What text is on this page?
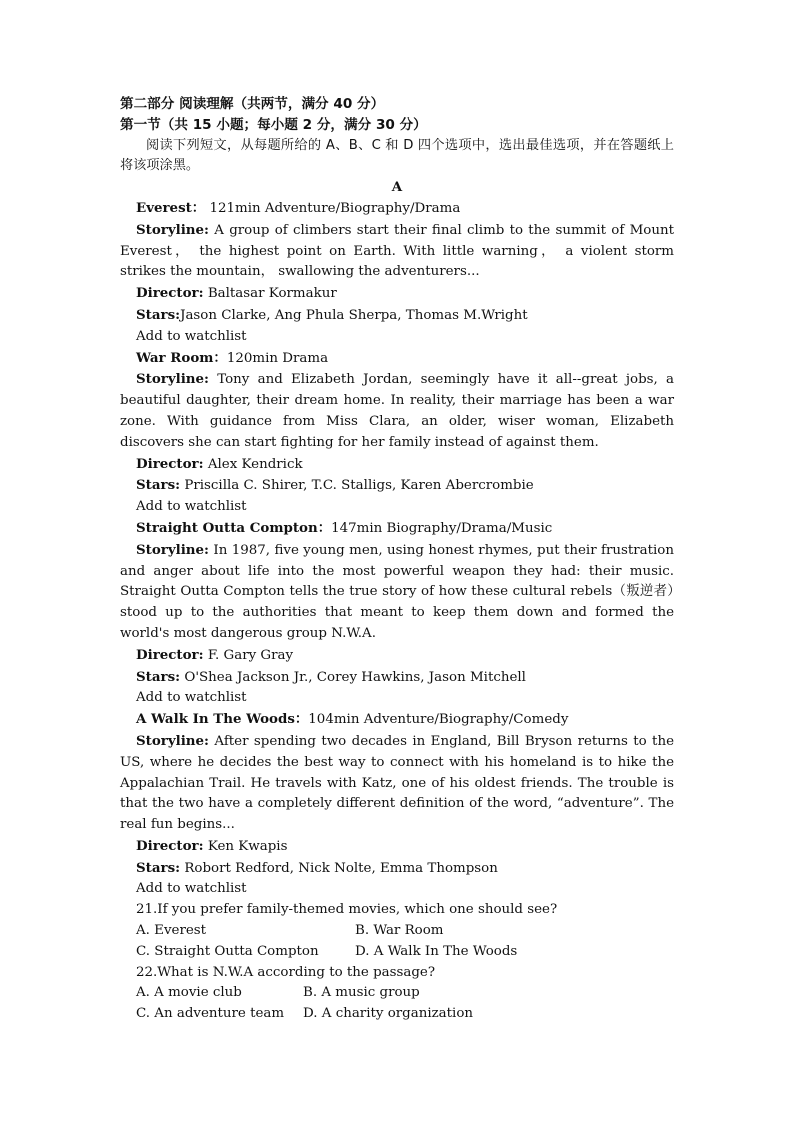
第二部分 阅读理解（共两节，满分 40 分）

第一节（共 15 小题；每小题 2 分，满分 30 分）

阅读下列短文，从每题所给的 A、B、C 和 D 四个选项中，选出最佳选项，并在答题纸上将该项涂黑。

A

Everest： 121min Adventure/Biography/Drama

Storyline: A group of climbers start their final climb to the summit of Mount Everest， the highest point on Earth. With little warning， a violent storm strikes the mountain， swallowing the adventurers...

Director: Baltasar Kormakur

Stars:Jason Clarke, Ang Phula Sherpa, Thomas M.Wright

Add to watchlist

War Room：120min Drama

Storyline: Tony and Elizabeth Jordan, seemingly have it all--great jobs, a beautiful daughter, their dream home. In reality, their marriage has been a war zone. With guidance from Miss Clara, an older, wiser woman, Elizabeth discovers she can start fighting for her family instead of against them.

Director: Alex Kendrick

Stars: Priscilla C. Shirer, T.C. Stalligs, Karen Abercrombie

Add to watchlist

Straight Outta Compton：147min Biography/Drama/Music

Storyline: In 1987, five young men, using honest rhymes, put their frustration and anger about life into the most powerful weapon they had: their music. Straight Outta Compton tells the true story of how these cultural rebels（叛逆者）stood up to the authorities that meant to keep them down and formed the world's most dangerous group N.W.A.

Director: F. Gary Gray

Stars: O'Shea Jackson Jr., Corey Hawkins, Jason Mitchell

Add to watchlist

A Walk In The Woods：104min Adventure/Biography/Comedy

Storyline: After spending two decades in England, Bill Bryson returns to the US, where he decides the best way to connect with his homeland is to hike the Appalachian Trail. He travels with Katz, one of his oldest friends. The trouble is that the two have a completely different definition of the word, “adventure”. The real fun begins...

Director: Ken Kwapis

Stars: Robort Redford, Nick Nolte, Emma Thompson

Add to watchlist

21.If you prefer family-themed movies, which one should see?

A. Everest	B. War Room
C. Straight Outta Compton	D. A Walk In The Woods

22.What is N.W.A according to the passage?

A. A movie club	B. A music group
C. An adventure team	D. A charity organization
